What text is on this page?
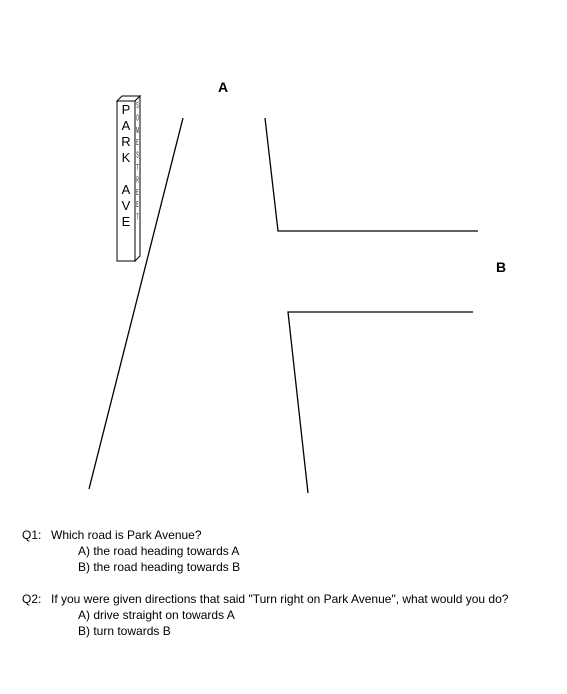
P
A
R
K
A
V
E
S
O
M
E
S
T
R
E
E
T
A
B
Q1: Which road is Park Avenue?
A) the road heading towards A
B) the road heading towards B
Q2: If you were given directions that said "Turn right on Park Avenue", what would you do?
A) drive straight on towards A
B) turn towards B
